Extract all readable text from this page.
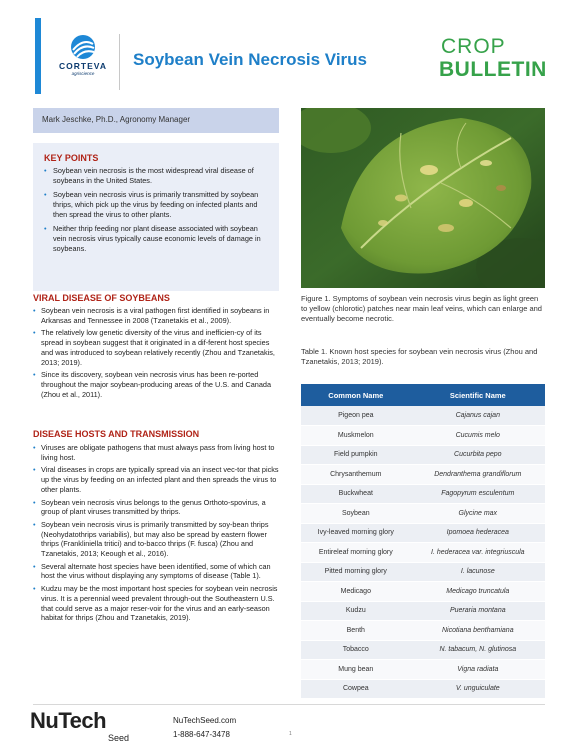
CORTEVA
agriscience
Soybean Vein Necrosis Virus
CROP
BULLETIN
Mark Jeschke, Ph.D., Agronomy Manager
KEY POINTS
• Soybean vein necrosis is the most widespread viral disease of soybeans in the United States.
• Soybean vein necrosis virus is primarily transmitted by soybean thrips, which pick up the virus by feeding on infected plants and then spread the virus to other plants.
• Neither thrip feeding nor plant disease associated with soybean vein necrosis virus typically cause economic levels of damage in soybeans.
VIRAL DISEASE OF SOYBEANS
• Soybean vein necrosis is a viral pathogen first identified in soybeans in Arkansas and Tennessee in 2008 (Tzanetakis et al., 2009).
• The relatively low genetic diversity of the virus and inefficien-cy of its spread in soybean suggest that it originated in a dif-ferent host species and was introduced to soybean relatively recently (Zhou and Tzanetakis, 2013; 2019).
• Since its discovery, soybean vein necrosis virus has been re-ported throughout the major soybean-producing areas of the U.S. and Canada (Zhou et al., 2011).
DISEASE HOSTS AND TRANSMISSION
• Viruses are obligate pathogens that must always pass from living host to living host.
• Viral diseases in crops are typically spread via an insect vec-tor that picks up the virus by feeding on an infected plant and then spreads the virus to other plants.
• Soybean vein necrosis virus belongs to the genus Orthoto-spovirus, a group of plant viruses transmitted by thrips.
• Soybean vein necrosis virus is primarily transmitted by soy-bean thrips (Neohydatothrips variabilis), but may also be spread by eastern flower thrips (Frankliniella tritici) and to-bacco thrips (F. fusca) (Zhou and Tzanetakis, 2013; Keough et al., 2016).
• Several alternate host species have been identified, some of which can host the virus without displaying any symptoms of disease (Table 1).
• Kudzu may be the most important host species for soybean vein necrosis virus. It is a perennial weed prevalent through-out the Southeastern U.S. that could serve as a major reser-voir for the virus and an early-season habitat for thrips (Zhou and Tzanetakis, 2019).
Figure 1. Symptoms of soybean vein necrosis virus begin as light green to yellow (chlorotic) patches near main leaf veins, which can enlarge and eventually become necrotic.
Table 1. Known host species for soybean vein necrosis virus (Zhou and Tzanetakis, 2013; 2019).
Common Name	Scientific Name
Pigeon pea	Cajanus cajan
Muskmelon	Cucumis melo
Field pumpkin	Cucurbita pepo
Chrysanthemum	Dendranthema grandiflorum
Buckwheat	Fagopyrum esculentum
Soybean	Glycine max
Ivy-leaved morning glory	Ipomoea hederacea
Entireleaf morning glory	I. hederacea var. integriuscula
Pitted morning glory	I. lacunose
Medicago	Medicago truncatula
Kudzu	Pueraria montana
Benth	Nicotiana benthamiana
Tobacco	N. tabacum, N. glutinosa
Mung bean	Vigna radiata
Cowpea	V. unguiculate
NuTech
Seed
NuTechSeed.com
1-888-647-3478	1
